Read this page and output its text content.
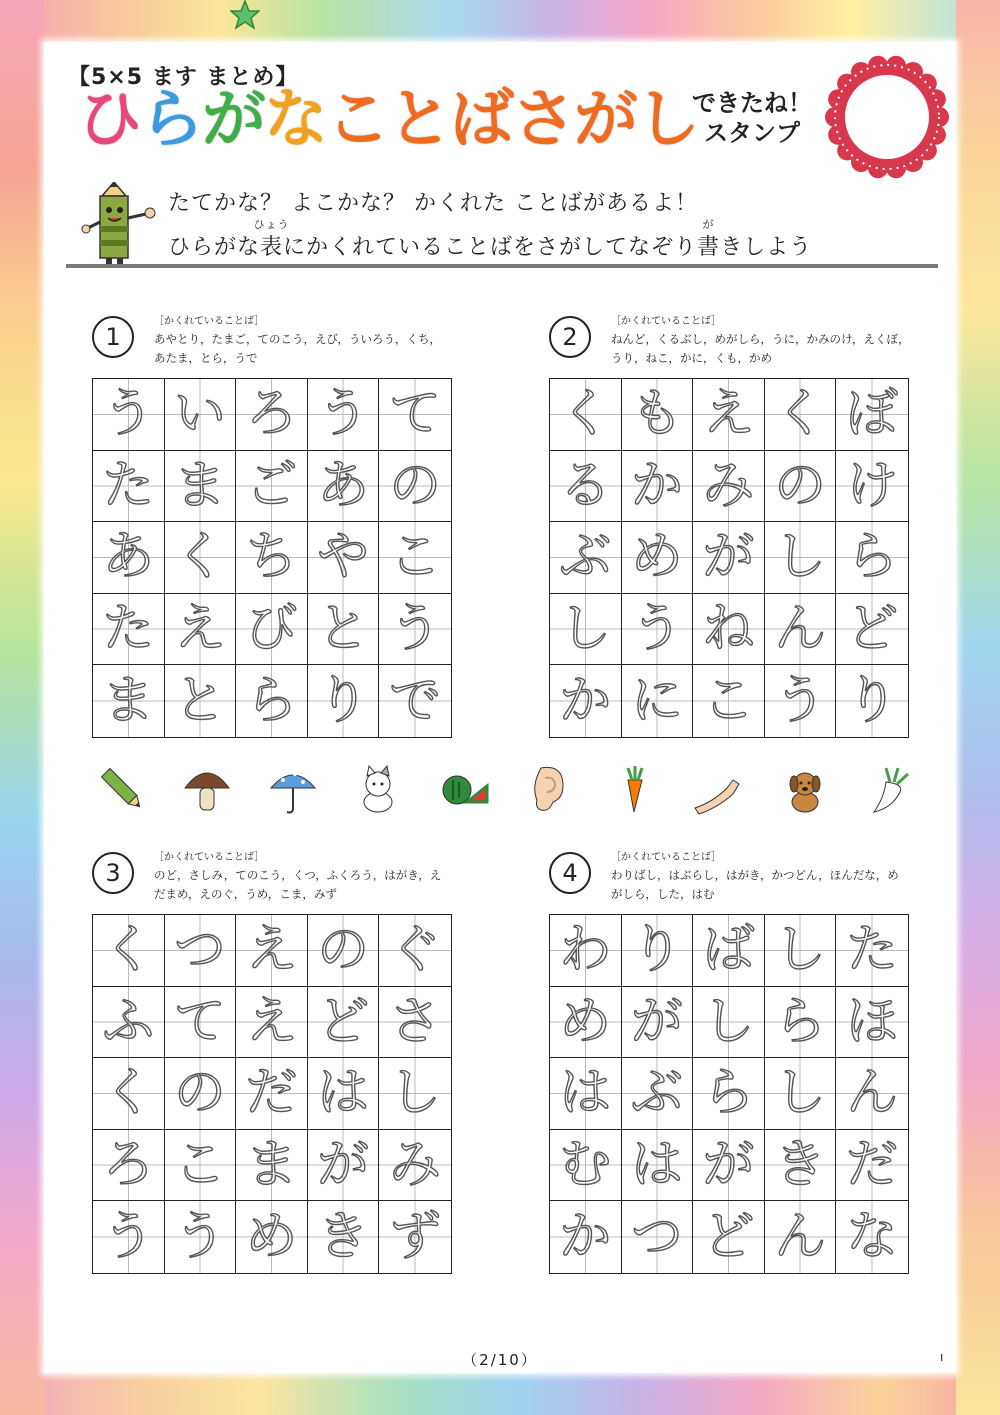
【5×5 ます まとめ】
ひらがなことばさがし
できたね！
スタンプ
たてかな？ よこかな？ かくれた ことばがあるよ！
ひらがな
ひょう
表にかくれていることばをさがしてなぞり
が
書きしよう
1
［かくれていることば］
あやとり，たまご，てのこう，えび，ういろう，くち，
あたま，とら，うで
う い ろ う て
た ま ご あ の
あ く ち や こ
た え び と う
ま と ら り で
2
［かくれていることば］
ねんど，くるぶし，めがしら，うに，かみのけ，えくぼ，
うり，ねこ，かに，くも，かめ
く も え く ぼ
る か み の け
ぶ め が し ら
し う ね ん ど
か に こ う り
3
［かくれていることば］
のど，さしみ，てのこう，くつ，ふくろう，はがき，え
だまめ，えのぐ，うめ，こま，みず
く つ え の ぐ
ふ て え ど さ
く の だ は し
ろ こ ま が み
う う め き ず
4
［かくれていることば］
わりばし，はぶらし，はがき，かつどん，ほんだな，め
がしら，した，はむ
わ り ば し た
め が し ら ほ
は ぶ ら し ん
む は が き だ
か つ ど ん な
（2/10）	ı
